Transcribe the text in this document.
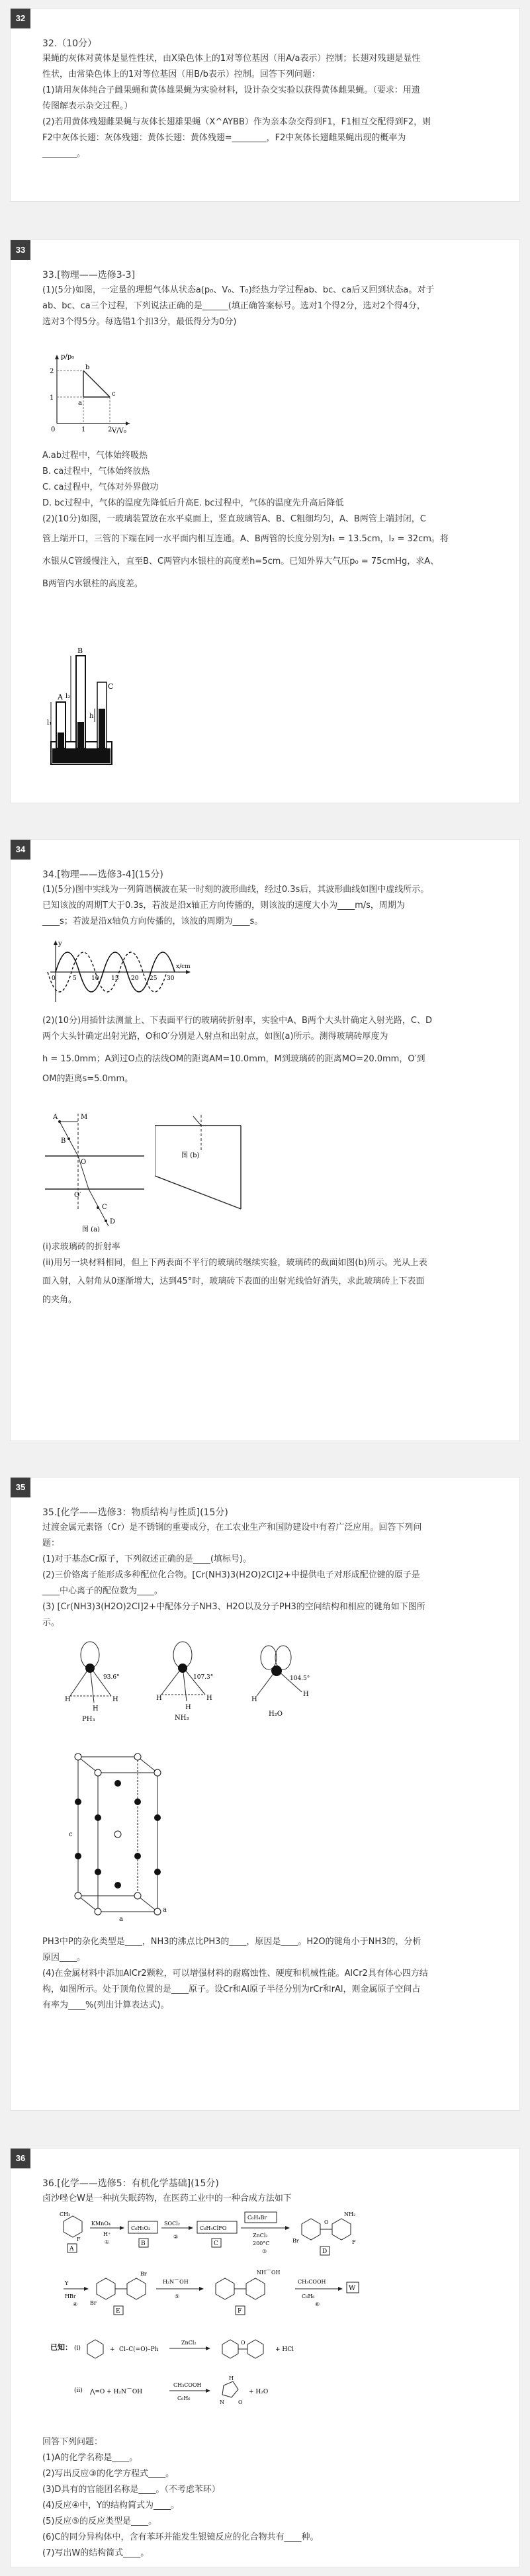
32
32.（10分）

果蝇的灰体对黄体是显性性状，由X染色体上的1对等位基因（用A/a表示）控制；长翅对残翅是显性

性状，由常染色体上的1对等位基因（用B/b表示）控制。回答下列问题：

(1)请用灰体纯合子雌果蝇和黄体雄果蝇为实验材料，设计杂交实验以获得黄体雌果蝇。（要求：用遗

传图解表示杂交过程。）

(2)若用黄体残翅雌果蝇与灰体长翅雄果蝇（X^AYBB）作为亲本杂交得到F1，F1相互交配得到F2，则

F2中灰体长翅：灰体残翅：黄体长翅：黄体残翅=________，F2中灰体长翅雌果蝇出现的概率为

________。

33
33.[物理——选修3-3]

(1)(5分)如图，一定量的理想气体从状态a(p₀、V₀、T₀)经热力学过程ab、bc、ca后又回到状态a。对于

ab、bc、ca三个过程，下列说法正确的是______(填正确答案标号。选对1个得2分，选对2个得4分，

选对3个得5分。每选错1个扣3分，最低得分为0分)

p/p₀
V/V₀
0	1	2
1
2
a
b
c

A.ab过程中，气体始终吸热

B. ca过程中，气体始终放热

C. ca过程中，气体对外界做功

D. bc过程中，气体的温度先降低后升高E. bc过程中，气体的温度先升高后降低

(2)(10分)如图，一玻璃装置放在水平桌面上，竖直玻璃管A、B、C粗细均匀，A、B两管上端封闭，C

管上端开口，三管的下端在同一水平面内相互连通。A、B两管的长度分别为l₁ = 13.5cm，l₂ = 32cm。将

水银从C管缓慢注入，直至B、C两管内水银柱的高度差h=5cm。已知外界大气压p₀ = 75cmHg，求A、

B两管内水银柱的高度差。

A
B
C
l₁
l₂
h
34
34.[物理——选修3-4](15分)

(1)(5分)图中实线为一列简谐横波在某一时刻的波形曲线，经过0.3s后，其波形曲线如图中虚线所示。

已知该波的周期T大于0.3s，若波是沿x轴正方向传播的，则该波的速度大小为____m/s，周期为

____s；若波是沿x轴负方向传播的，该波的周期为____s。

y
x/cm
0	5 10 15 20 25 30

(2)(10分)用插针法测量上、下表面平行的玻璃砖折射率，实验中A、B两个大头针确定入射光路，C、D

两个大头针确定出射光路，O和O′分别是入射点和出射点，如图(a)所示。测得玻璃砖厚度为

h = 15.0mm；A到过O点的法线OM的距离AM=10.0mm，M到玻璃砖的距离MO=20.0mm，O′到

OM的距离s=5.0mm。

A	M
B
O
O′
C
D
图 (a)
图 (b)

(i)求玻璃砖的折射率

(ii)用另一块材料相同，但上下两表面不平行的玻璃砖继续实验，玻璃砖的截面如图(b)所示。光从上表

面入射，入射角从0逐渐增大，达到45°时，玻璃砖下表面的出射光线恰好消失，求此玻璃砖上下表面

的夹角。

35
35.[化学——选修3：物质结构与性质](15分)

过渡金属元素铬（Cr）是不锈钢的重要成分，在工农业生产和国防建设中有着广泛应用。回答下列问

题：

(1)对于基态Cr原子，下列叙述正确的是____(填标号)。

(2)三价铬离子能形成多种配位化合物。[Cr(NH3)3(H2O)2Cl]2+中提供电子对形成配位键的原子是

____中心离子的配位数为____。

(3) [Cr(NH3)3(H2O)2Cl]2+中配体分子NH3、H2O以及分子PH3的空间结构和相应的键角如下图所

示。

H	H
H
93.6°
PH₃
H	H
H
107.3°
NH₃
H
H
104.5°
H₂O
a
a
c

PH3中P的杂化类型是____，NH3的沸点比PH3的____，原因是____。H2O的键角小于NH3的，分析

原因____。

(4)在金属材料中添加AlCr2颗粒，可以增强材料的耐腐蚀性、硬度和机械性能。AlCr2具有体心四方结

构，如图所示。处于顶角位置的是____原子。设Cr和Al原子半径分别为rCr和rAl，则金属原子空间占

有率为____%(列出计算表达式)。

36
36.[化学——选修5：有机化学基础](15分)

卤沙唑仑W是一种抗失眠药物，在医药工业中的一种合成方法如下

CH₃
F
A
KMnO₄
H⁺
①
C₆H₅O₂
B
SOCl₂
②
C₆H₄ClFO
C
C₆H₄Br
ZnCl₂
200°C
③
O
NH₂
Br	F
D
Y
HBr
④
Br
Br
E
H₂N⌒OH
⑤
NH⌒OH
F
CH₃COOH
C₆H₆
⑥
W
已知： (i)	+ Cl–C(=O)–Ph
ZnCl₂	O
+ HCl
(ii) ⋀=O + H₂N⌒OH
CH₃COOH
C₆H₆
H
N	O
+ H₂O

回答下列问题：

(1)A的化学名称是____。

(2)写出反应③的化学方程式____。

(3)D具有的官能团名称是____。（不考虑苯环）

(4)反应④中，Y的结构简式为____。

(5)反应⑤的反应类型是____。

(6)C的同分异构体中，含有苯环并能发生银镜反应的化合物共有____种。

(7)写出W的结构简式____。
